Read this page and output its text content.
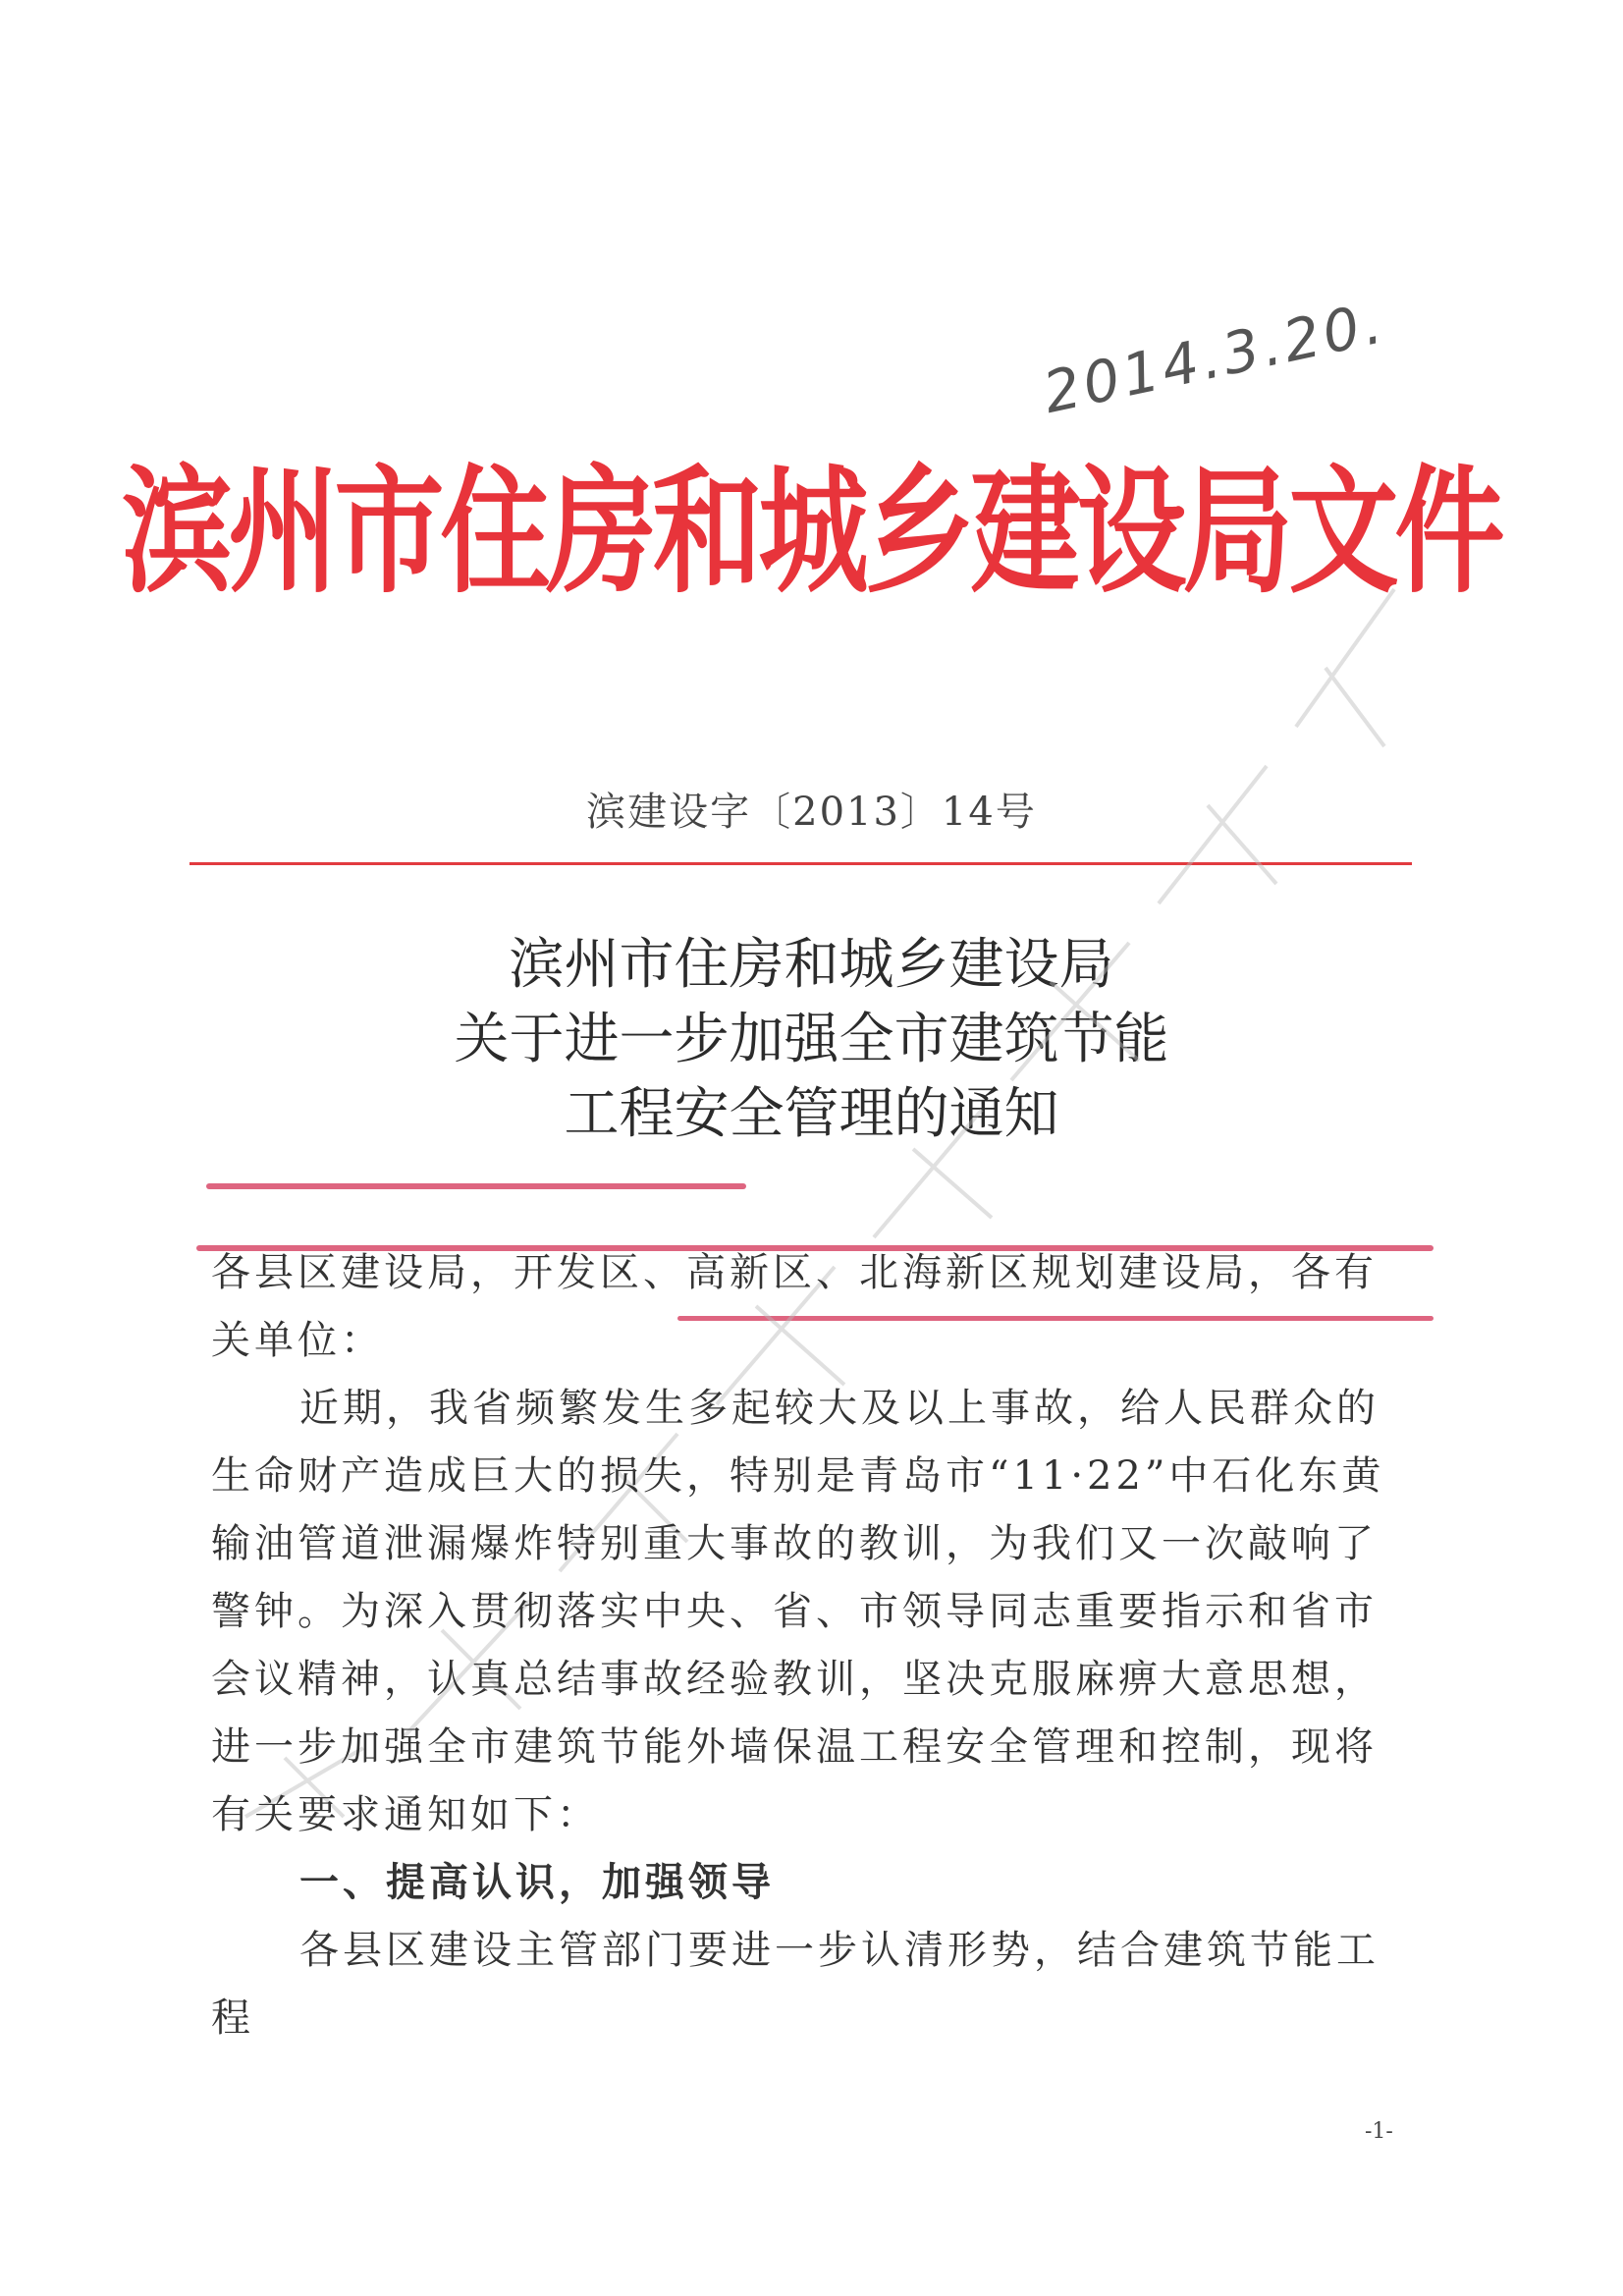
2014.3.20.
滨州市住房和城乡建设局文件
滨建设字〔2013〕14号
滨州市住房和城乡建设局
关于进一步加强全市建筑节能
工程安全管理的通知

各县区建设局，开发区、高新区、北海新区规划建设局，各有关单位：

近期，我省频繁发生多起较大及以上事故，给人民群众的生命财产造成巨大的损失，特别是青岛市“11·22”中石化东黄输油管道泄漏爆炸特别重大事故的教训，为我们又一次敲响了警钟。为深入贯彻落实中央、省、市领导同志重要指示和省市会议精神，认真总结事故经验教训，坚决克服麻痹大意思想，进一步加强全市建筑节能外墙保温工程安全管理和控制，现将有关要求通知如下：

一、提高认识，加强领导

各县区建设主管部门要进一步认清形势，结合建筑节能工程

-1-
